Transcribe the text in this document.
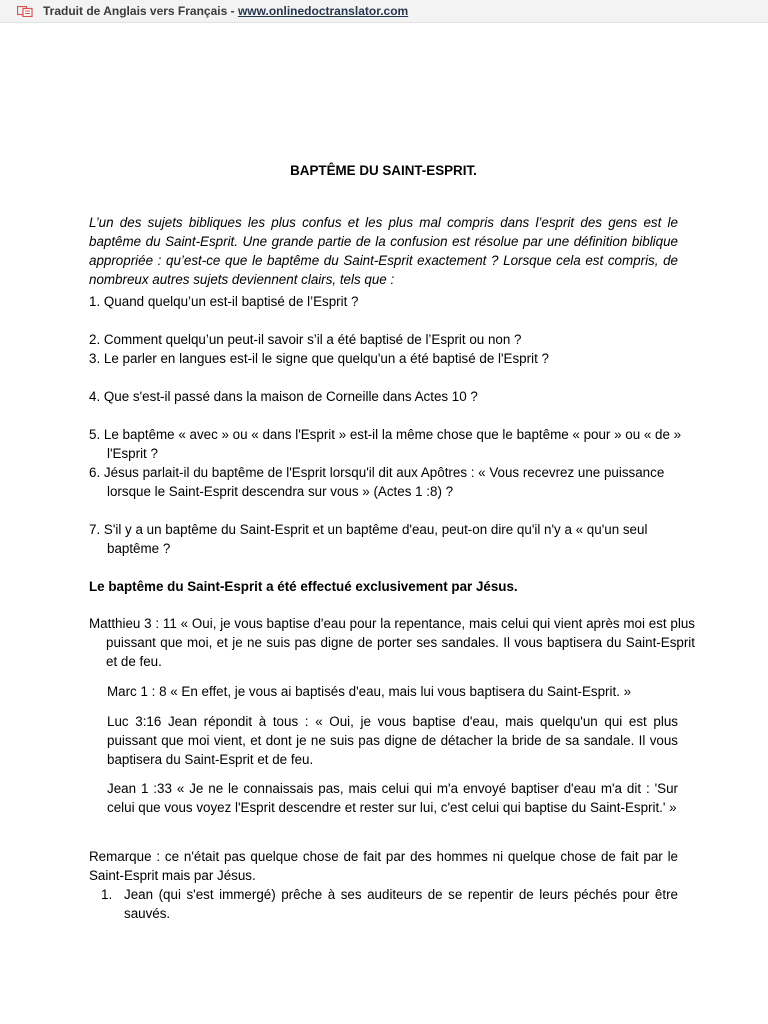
Traduit de Anglais vers Français - www.onlinedoctranslator.com
BAPTÊME DU SAINT-ESPRIT.
L’un des sujets bibliques les plus confus et les plus mal compris dans l’esprit des gens est le baptême du Saint-Esprit. Une grande partie de la confusion est résolue par une définition biblique appropriée : qu’est-ce que le baptême du Saint-Esprit exactement ? Lorsque cela est compris, de nombreux autres sujets deviennent clairs, tels que :
1. Quand quelqu’un est-il baptisé de l’Esprit ?
2. Comment quelqu’un peut-il savoir s’il a été baptisé de l’Esprit ou non ?
3. Le parler en langues est-il le signe que quelqu'un a été baptisé de l'Esprit ?
4. Que s'est-il passé dans la maison de Corneille dans Actes 10 ?
5. Le baptême « avec » ou « dans l'Esprit » est-il la même chose que le baptême « pour » ou « de » l'Esprit ?
6. Jésus parlait-il du baptême de l'Esprit lorsqu'il dit aux Apôtres : « Vous recevrez une puissance lorsque le Saint-Esprit descendra sur vous » (Actes 1 :8) ?
7. S'il y a un baptême du Saint-Esprit et un baptême d'eau, peut-on dire qu'il n'y a « qu'un seul baptême ?
Le baptême du Saint-Esprit a été effectué exclusivement par Jésus.
Matthieu 3 : 11 « Oui, je vous baptise d'eau pour la repentance, mais celui qui vient après moi est plus puissant que moi, et je ne suis pas digne de porter ses sandales. Il vous baptisera du Saint-Esprit et de feu.
Marc 1 : 8 « En effet, je vous ai baptisés d'eau, mais lui vous baptisera du Saint-Esprit. »
Luc 3:16 Jean répondit à tous : « Oui, je vous baptise d'eau, mais quelqu'un qui est plus puissant que moi vient, et dont je ne suis pas digne de détacher la bride de sa sandale. Il vous baptisera du Saint-Esprit et de feu.
Jean 1 :33 « Je ne le connaissais pas, mais celui qui m'a envoyé baptiser d'eau m'a dit : 'Sur celui que vous voyez l'Esprit descendre et rester sur lui, c'est celui qui baptise du Saint-Esprit.' »
Remarque : ce n'était pas quelque chose de fait par des hommes ni quelque chose de fait par le Saint-Esprit mais par Jésus.
1. Jean (qui s'est immergé) prêche à ses auditeurs de se repentir de leurs péchés pour être sauvés.
